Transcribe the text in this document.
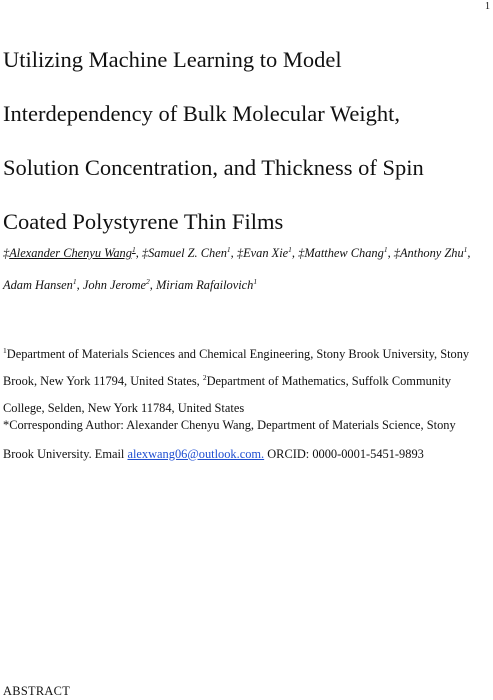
1
Utilizing Machine Learning to Model
Interdependency of Bulk Molecular Weight,
Solution Concentration, and Thickness of Spin
Coated Polystyrene Thin Films
‡Alexander Chenyu Wang$^1$, ‡Samuel Z. Chen$^1$, ‡Evan Xie$^1$, ‡Matthew Chang$^1$, ‡Anthony Zhu$^1$,
Adam Hansen$^1$, John Jerome$^2$, Miriam Rafailovich$^1$
$^1$Department of Materials Sciences and Chemical Engineering, Stony Brook University, Stony
Brook, New York 11794, United States, $^2$Department of Mathematics, Suffolk Community
College, Selden, New York 11784, United States
*Corresponding Author: Alexander Chenyu Wang, Department of Materials Science, Stony
Brook University. Email alexwang06@outlook.com. ORCID: 0000-0001-5451-9893
ABSTRACT
